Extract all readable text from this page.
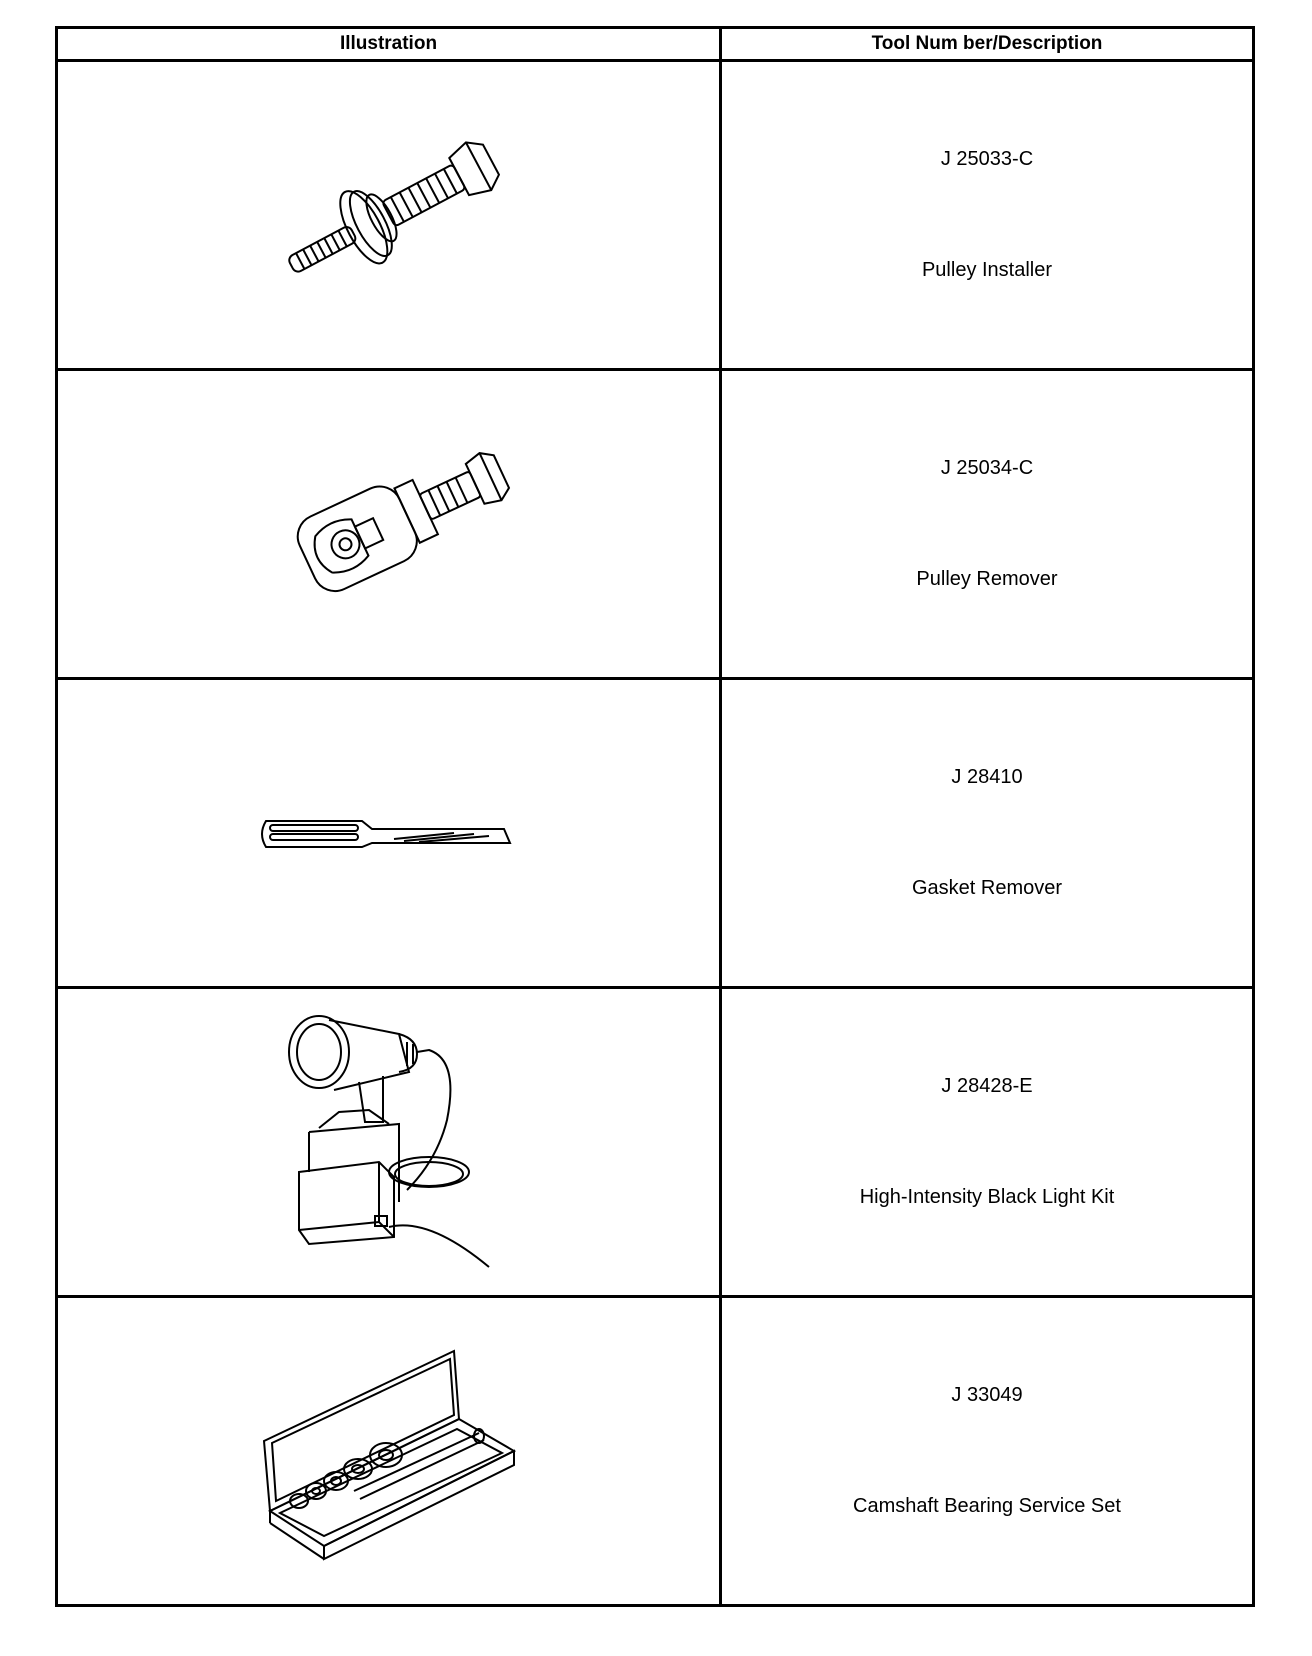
Illustration	Tool Num ber/Description

J 25033-C
Pulley Installer

J 25034-C
Pulley Remover

J 28410
Gasket Remover

J 28428-E
High-Intensity Black Light Kit

J 33049
Camshaft Bearing Service Set
